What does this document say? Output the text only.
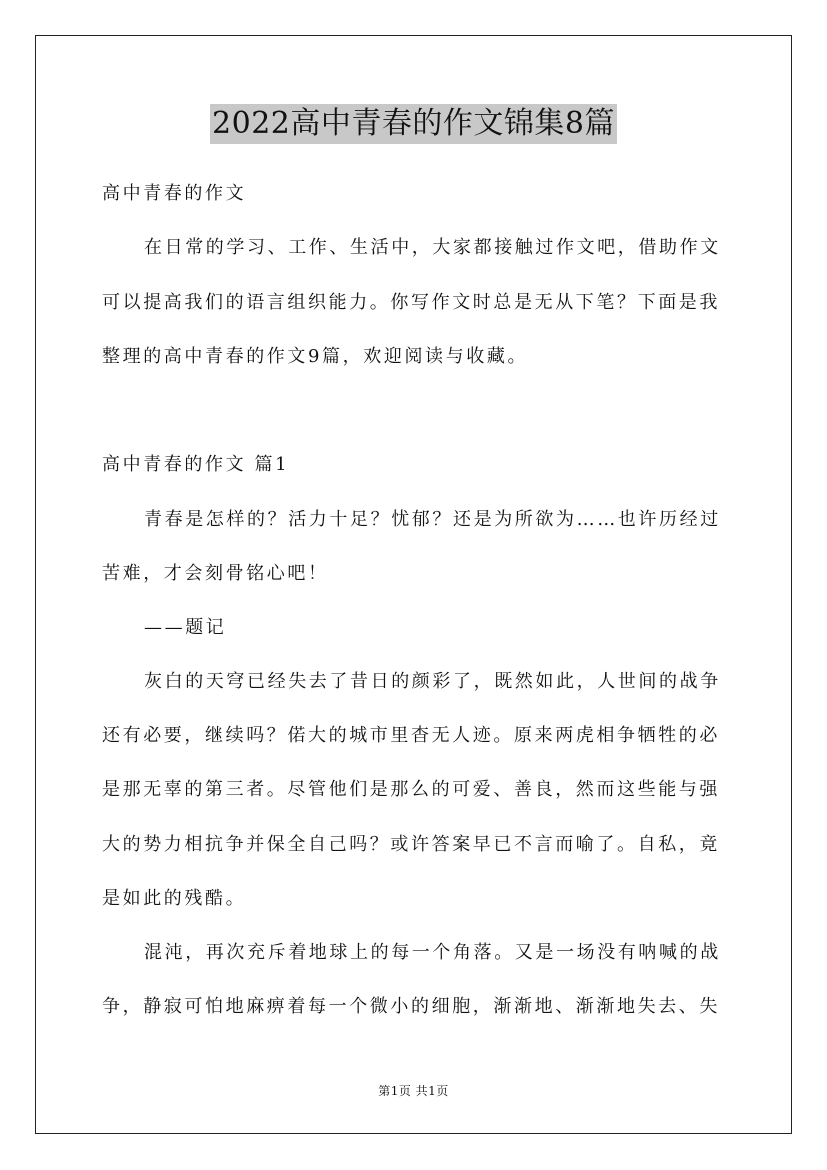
2022高中青春的作文锦集8篇
高中青春的作文
在日常的学习、工作、生活中，大家都接触过作文吧，借助作文
可以提高我们的语言组织能力。你写作文时总是无从下笔？下面是我
整理的高中青春的作文9篇，欢迎阅读与收藏。
高中青春的作文 篇1
青春是怎样的？活力十足？忧郁？还是为所欲为……也许历经过
苦难，才会刻骨铭心吧！
——题记
灰白的天穹已经失去了昔日的颜彩了，既然如此，人世间的战争
还有必要，继续吗？偌大的城市里杳无人迹。原来两虎相争牺牲的必
是那无辜的第三者。尽管他们是那么的可爱、善良，然而这些能与强
大的势力相抗争并保全自己吗？或许答案早已不言而喻了。自私，竟
是如此的残酷。
混沌，再次充斥着地球上的每一个角落。又是一场没有呐喊的战
争，静寂可怕地麻痹着每一个微小的细胞，渐渐地、渐渐地失去、失
第1页 共1页
